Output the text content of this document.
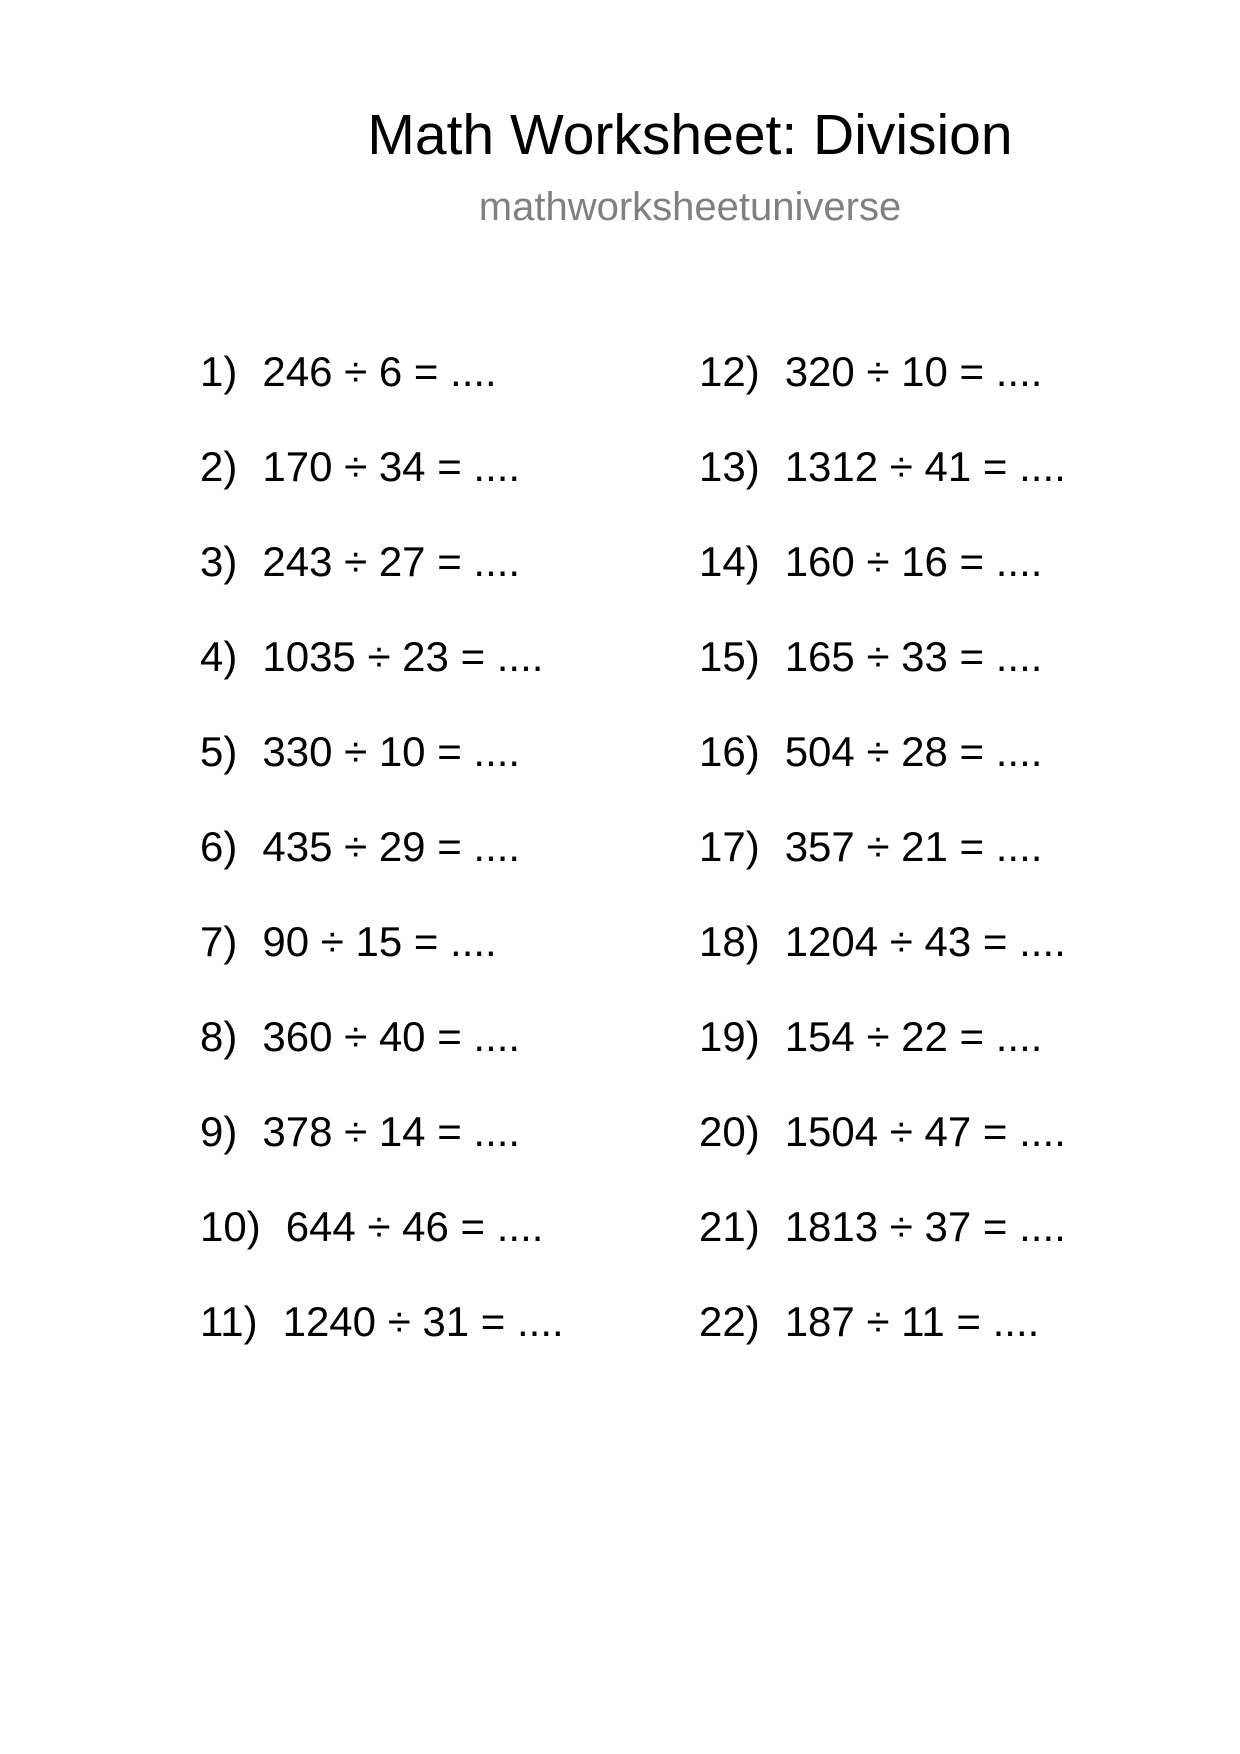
Math Worksheet: Division
mathworksheetuniverse
1) 246 ÷ 6 = ....
2) 170 ÷ 34 = ....
3) 243 ÷ 27 = ....
4) 1035 ÷ 23 = ....
5) 330 ÷ 10 = ....
6) 435 ÷ 29 = ....
7) 90 ÷ 15 = ....
8) 360 ÷ 40 = ....
9) 378 ÷ 14 = ....
10) 644 ÷ 46 = ....
11) 1240 ÷ 31 = ....
12) 320 ÷ 10 = ....
13) 1312 ÷ 41 = ....
14) 160 ÷ 16 = ....
15) 165 ÷ 33 = ....
16) 504 ÷ 28 = ....
17) 357 ÷ 21 = ....
18) 1204 ÷ 43 = ....
19) 154 ÷ 22 = ....
20) 1504 ÷ 47 = ....
21) 1813 ÷ 37 = ....
22) 187 ÷ 11 = ....
